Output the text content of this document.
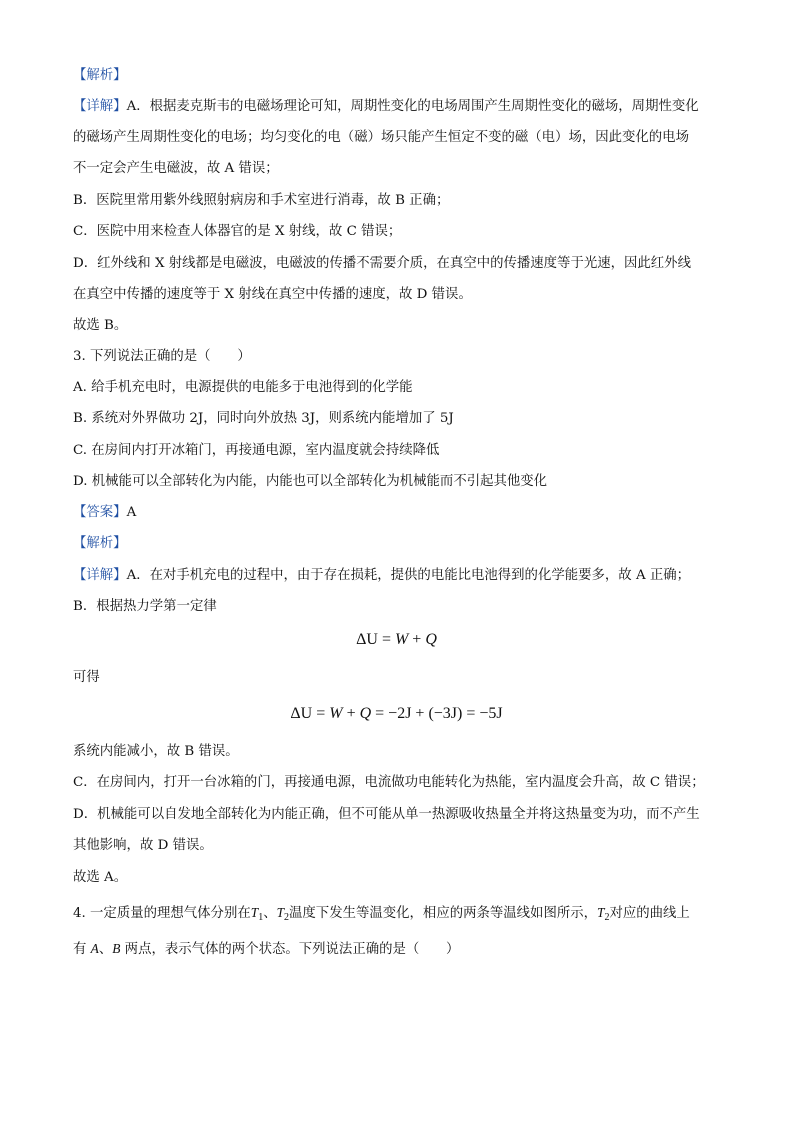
【解析】
【详解】A．根据麦克斯韦的电磁场理论可知，周期性变化的电场周围产生周期性变化的磁场，周期性变化
的磁场产生周期性变化的电场；均匀变化的电（磁）场只能产生恒定不变的磁（电）场，因此变化的电场
不一定会产生电磁波，故 A 错误；
B．医院里常用紫外线照射病房和手术室进行消毒，故 B 正确；
C．医院中用来检查人体器官的是 X 射线，故 C 错误；
D．红外线和 X 射线都是电磁波，电磁波的传播不需要介质，在真空中的传播速度等于光速，因此红外线
在真空中传播的速度等于 X 射线在真空中传播的速度，故 D 错误。
故选 B。
3. 下列说法正确的是（　　）
A. 给手机充电时，电源提供的电能多于电池得到的化学能
B. 系统对外界做功 2J，同时向外放热 3J，则系统内能增加了 5J
C. 在房间内打开冰箱门，再接通电源，室内温度就会持续降低
D. 机械能可以全部转化为内能，内能也可以全部转化为机械能而不引起其他变化
【答案】A
【解析】
【详解】A．在对手机充电的过程中，由于存在损耗，提供的电能比电池得到的化学能要多，故 A 正确；
B．根据热力学第一定律
ΔU = W + Q
可得
ΔU = W + Q = −2J + (−3J) = −5J
系统内能减小，故 B 错误。
C．在房间内，打开一台冰箱的门，再接通电源，电流做功电能转化为热能，室内温度会升高，故 C 错误；
D．机械能可以自发地全部转化为内能正确，但不可能从单一热源吸收热量全并将这热量变为功，而不产生
其他影响，故 D 错误。
故选 A。
4. 一定质量的理想气体分别在$T_1$、$T_2$温度下发生等温变化，相应的两条等温线如图所示，$T_2$对应的曲线上
有 A、B 两点，表示气体的两个状态。下列说法正确的是（　　）
